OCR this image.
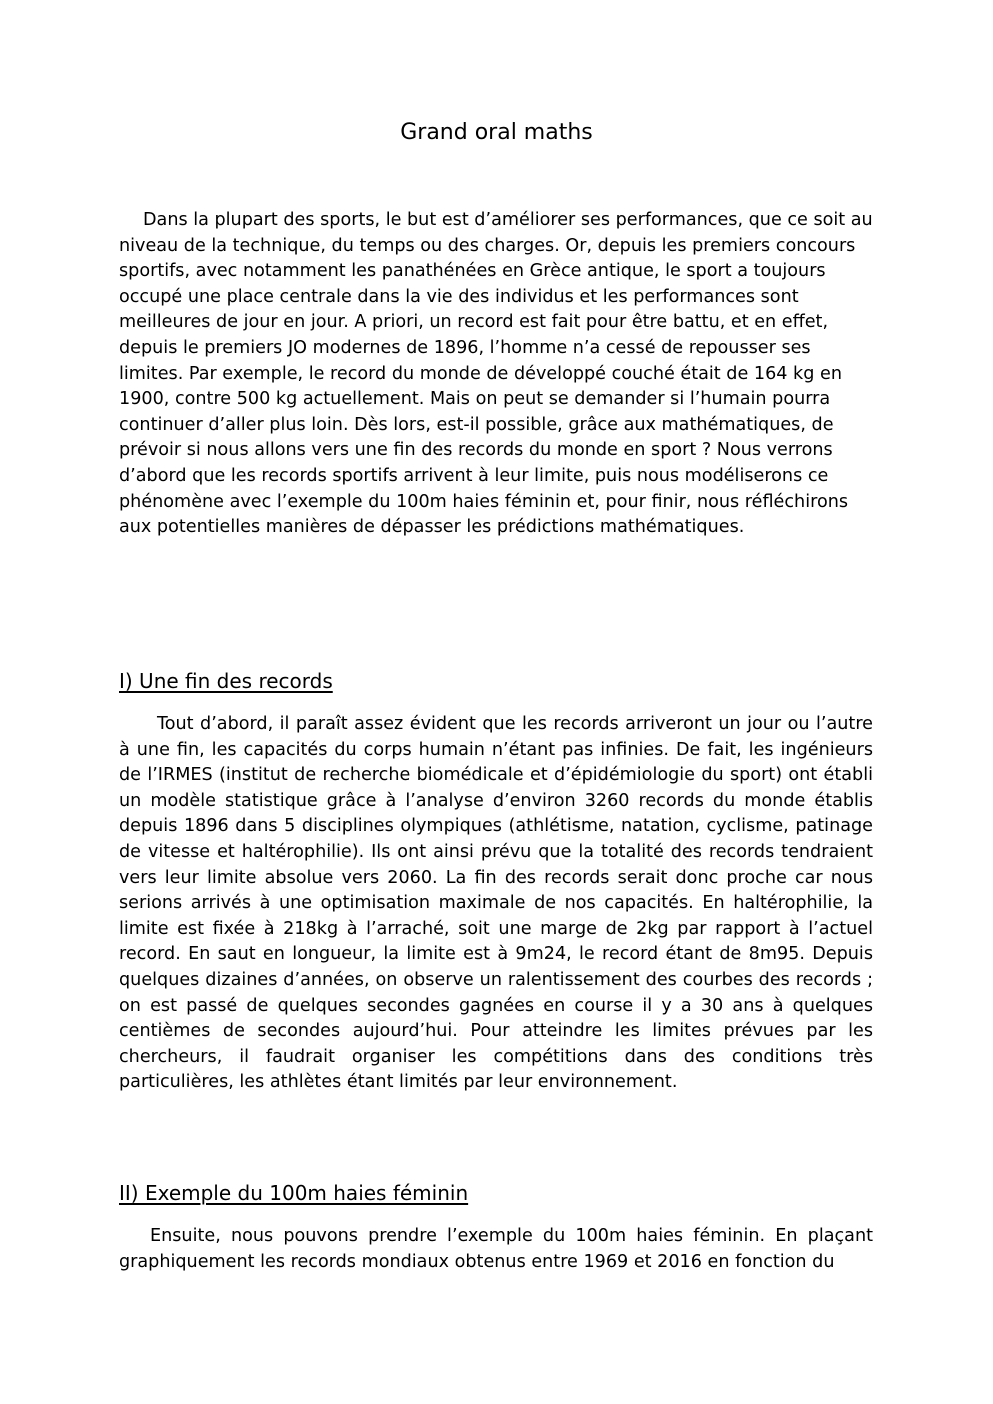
Grand oral maths

Dans la plupart des sports, le but est d’améliorer ses performances, que ce soit au niveau de la technique, du temps ou des charges. Or, depuis les premiers concours sportifs, avec notamment les panathénées en Grèce antique, le sport a toujours occupé une place centrale dans la vie des individus et les performances sont meilleures de jour en jour. A priori, un record est fait pour être battu, et en effet, depuis le premiers JO modernes de 1896, l’homme n’a cessé de repousser ses limites. Par exemple, le record du monde de développé couché était de 164 kg en 1900, contre 500 kg actuellement. Mais on peut se demander si l’humain pourra continuer d’aller plus loin. Dès lors, est-il possible, grâce aux mathématiques, de prévoir si nous allons vers une fin des records du monde en sport ? Nous verrons d’abord que les records sportifs arrivent à leur limite, puis nous modéliserons ce phénomène avec l’exemple du 100m haies féminin et, pour finir, nous réfléchirons aux potentielles manières de dépasser les prédictions mathématiques.

I) Une fin des records

Tout d’abord, il paraît assez évident que les records arriveront un jour ou l’autre à une fin, les capacités du corps humain n’étant pas infinies. De fait, les ingénieurs de l’IRMES (institut de recherche biomédicale et d’épidémiologie du sport) ont établi un modèle statistique grâce à l’analyse d’environ 3260 records du monde établis depuis 1896 dans 5 disciplines olympiques (athlétisme, natation, cyclisme, patinage de vitesse et haltérophilie). Ils ont ainsi prévu que la totalité des records tendraient vers leur limite absolue vers 2060. La fin des records serait donc proche car nous serions arrivés à une optimisation maximale de nos capacités. En haltérophilie, la limite est fixée à 218kg à l’arraché, soit une marge de 2kg par rapport à l’actuel record. En saut en longueur, la limite est à 9m24, le record étant de 8m95. Depuis quelques dizaines d’années, on observe un ralentissement des courbes des records ; on est passé de quelques secondes gagnées en course il y a 30 ans à quelques centièmes de secondes aujourd’hui. Pour atteindre les limites prévues par les chercheurs, il faudrait organiser les compétitions dans des conditions très particulières, les athlètes étant limités par leur environnement.

II) Exemple du 100m haies féminin

Ensuite, nous pouvons prendre l’exemple du 100m haies féminin. En plaçant graphiquement les records mondiaux obtenus entre 1969 et 2016 en fonction du
